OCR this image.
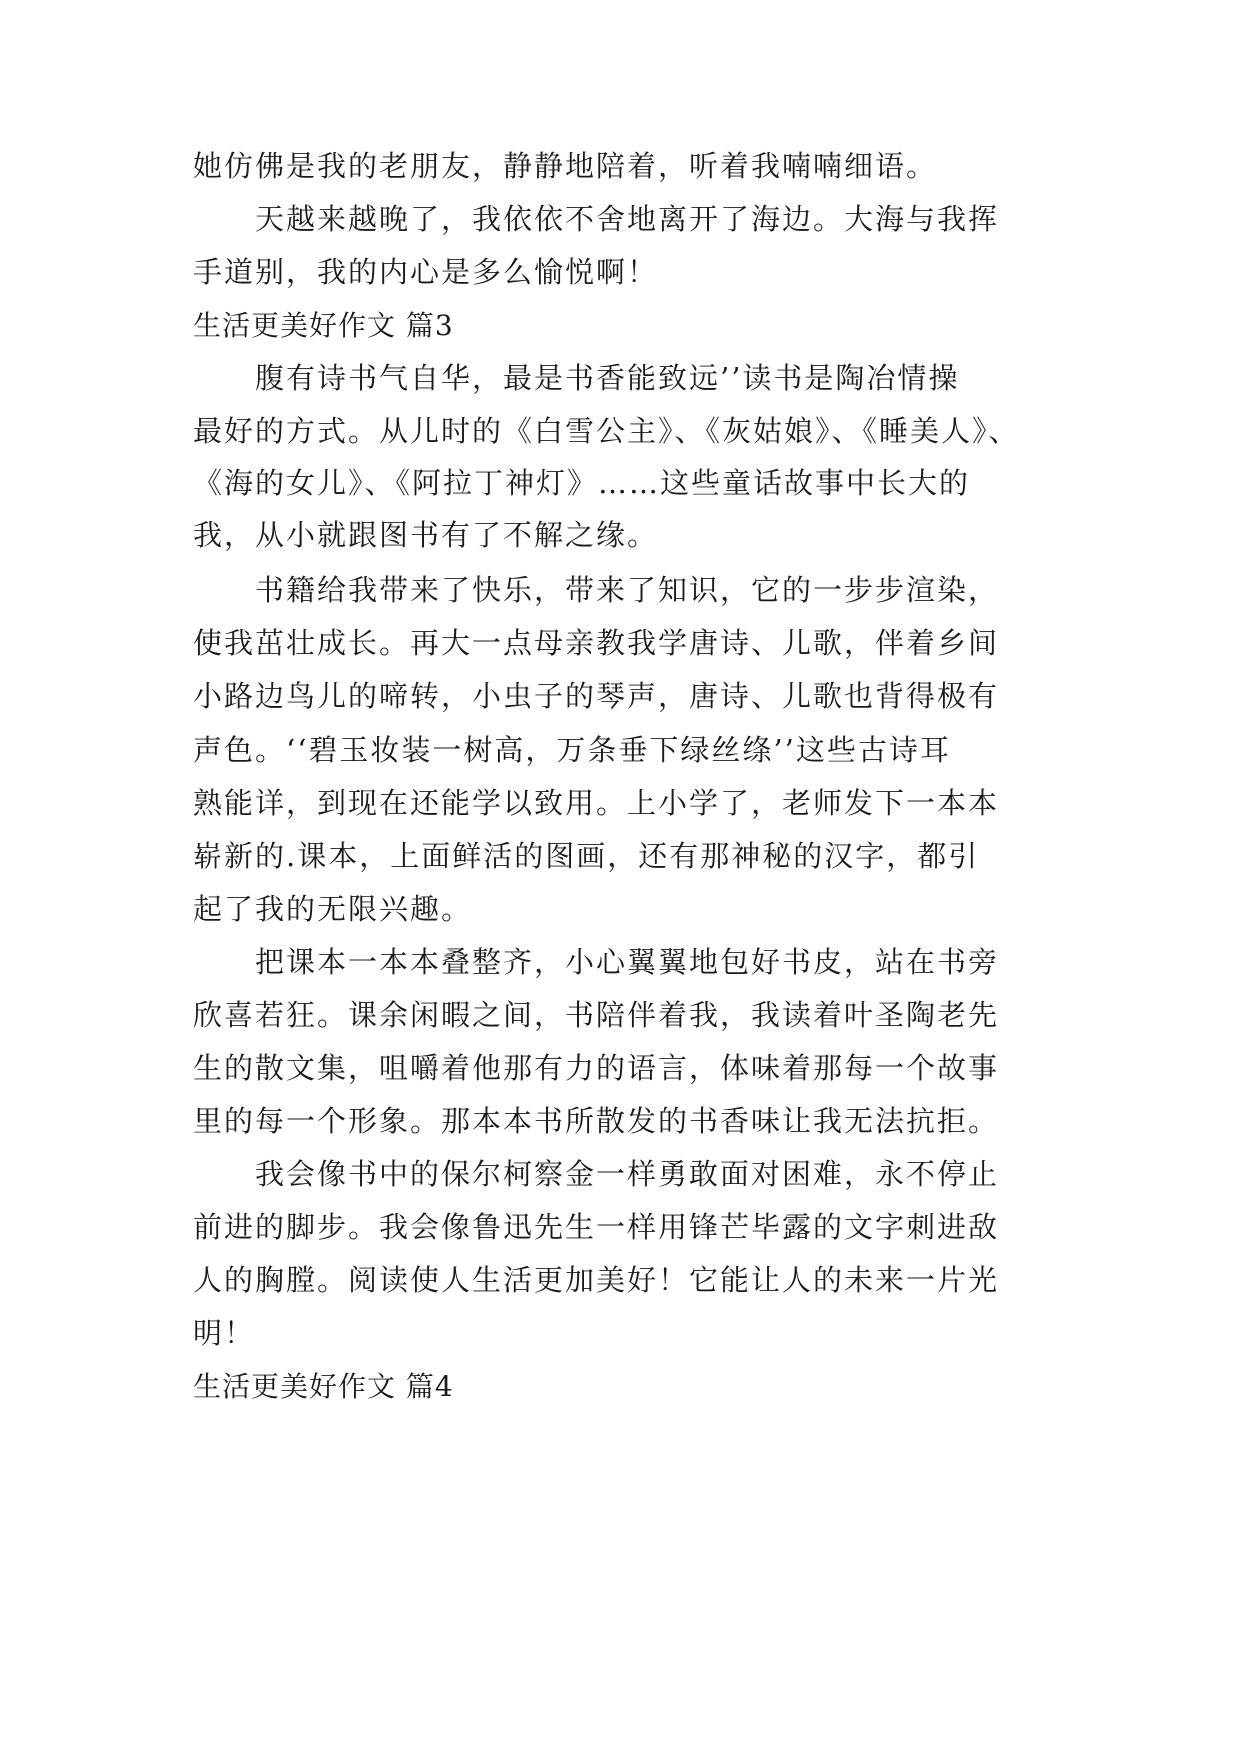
她仿佛是我的老朋友，静静地陪着，听着我喃喃细语。
天越来越晚了，我依依不舍地离开了海边。大海与我挥
手道别，我的内心是多么愉悦啊！
生活更美好作文 篇3
腹有诗书气自华，最是书香能致远’’读书是陶冶情操
最好的方式。从儿时的《白雪公主》、《灰姑娘》、《睡美人》、
《海的女儿》、《阿拉丁神灯》……这些童话故事中长大的
我，从小就跟图书有了不解之缘。
书籍给我带来了快乐，带来了知识，它的一步步渲染，
使我茁壮成长。再大一点母亲教我学唐诗、儿歌，伴着乡间
小路边鸟儿的啼转，小虫子的琴声，唐诗、儿歌也背得极有
声色。‘‘碧玉妆装一树高，万条垂下绿丝绦’’这些古诗耳
熟能详，到现在还能学以致用。上小学了，老师发下一本本
崭新的.课本，上面鲜活的图画，还有那神秘的汉字，都引
起了我的无限兴趣。
把课本一本本叠整齐，小心翼翼地包好书皮，站在书旁
欣喜若狂。课余闲暇之间，书陪伴着我，我读着叶圣陶老先
生的散文集，咀嚼着他那有力的语言，体味着那每一个故事
里的每一个形象。那本本书所散发的书香味让我无法抗拒。
我会像书中的保尔柯察金一样勇敢面对困难，永不停止
前进的脚步。我会像鲁迅先生一样用锋芒毕露的文字刺进敌
人的胸膛。阅读使人生活更加美好！它能让人的未来一片光
明！
生活更美好作文 篇4
